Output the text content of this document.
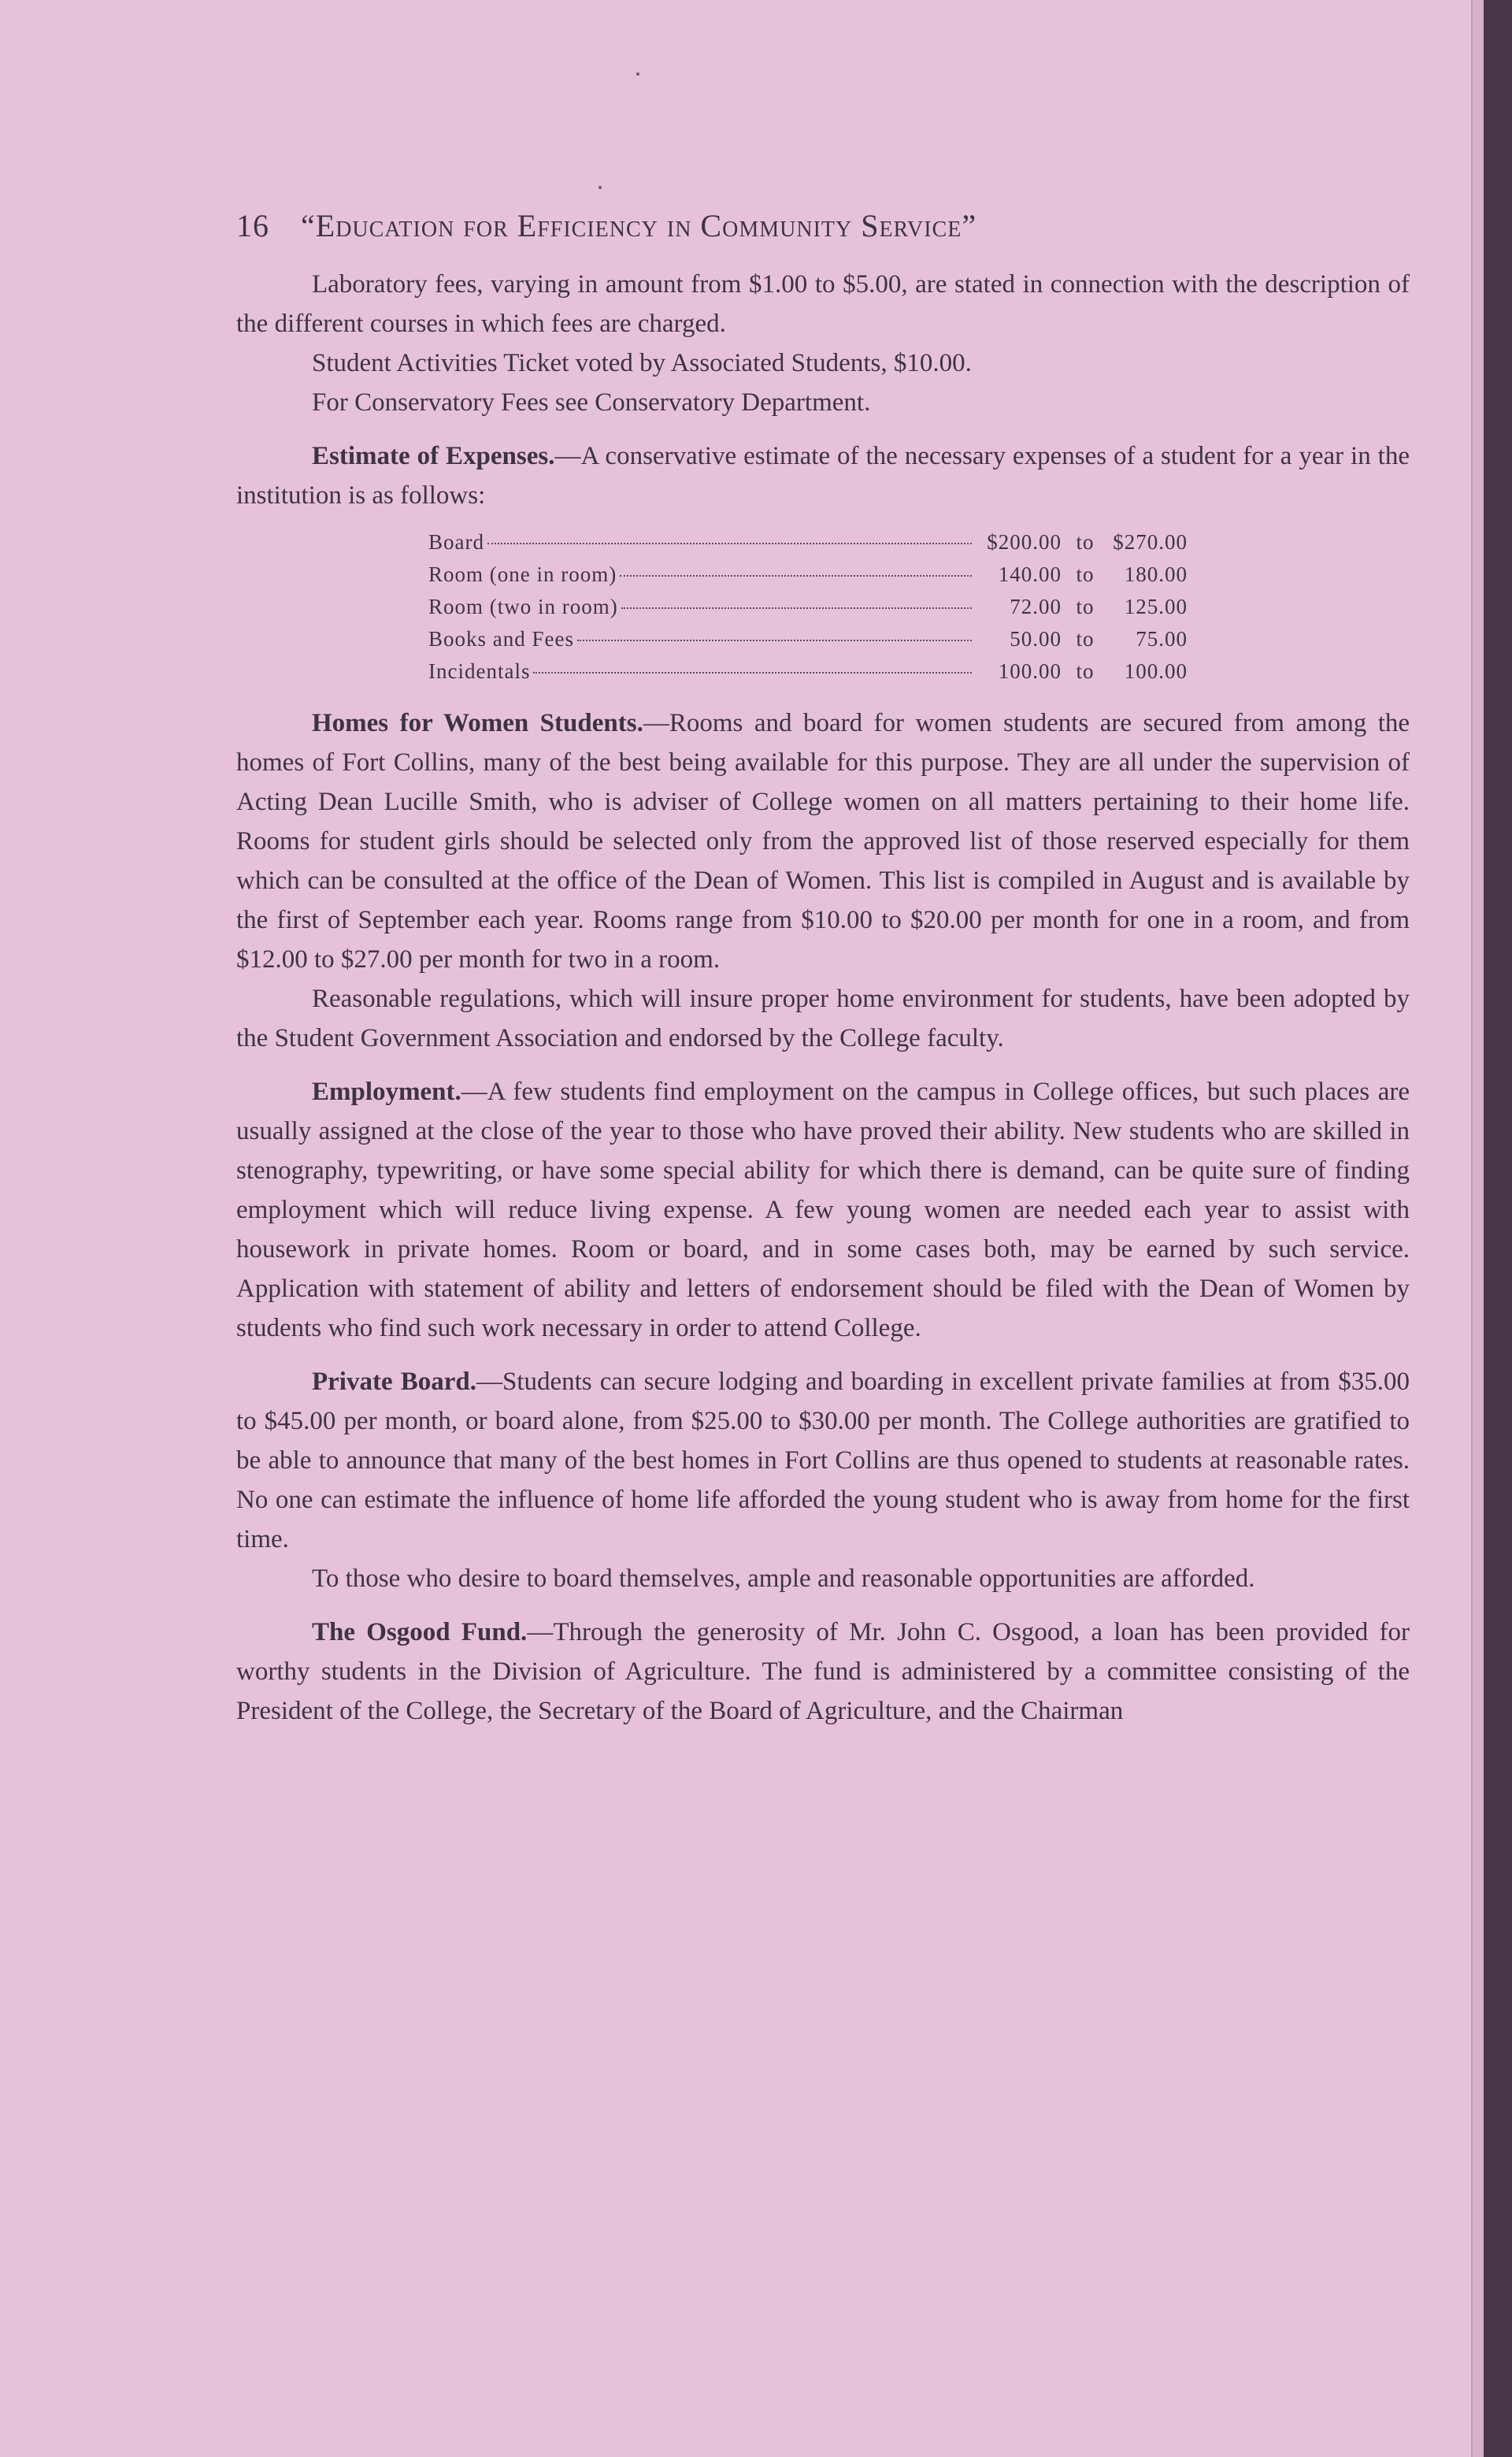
16 “Education for Efficiency in Community Service”

Laboratory fees, varying in amount from $1.00 to $5.00, are stated in connection with the description of the different courses in which fees are charged.

Student Activities Ticket voted by Associated Students, $10.00.

For Conservatory Fees see Conservatory Department.

Estimate of Expenses.—A conservative estimate of the necessary expenses of a student for a year in the institution is as follows:

Board	$200.00	to	$270.00

Room (one in room)	140.00	to	180.00

Room (two in room)	72.00	to	125.00

Books and Fees	50.00	to	75.00

Incidentals	100.00	to	100.00

Homes for Women Students.—Rooms and board for women students are secured from among the homes of Fort Collins, many of the best being available for this purpose. They are all under the supervision of Acting Dean Lucille Smith, who is adviser of College women on all matters pertaining to their home life. Rooms for student girls should be selected only from the approved list of those reserved especially for them which can be consulted at the office of the Dean of Women. This list is compiled in August and is available by the first of September each year. Rooms range from $10.00 to $20.00 per month for one in a room, and from $12.00 to $27.00 per month for two in a room.

Reasonable regulations, which will insure proper home environment for students, have been adopted by the Student Government Association and endorsed by the College faculty.

Employment.—A few students find employment on the campus in College offices, but such places are usually assigned at the close of the year to those who have proved their ability. New students who are skilled in stenography, typewriting, or have some special ability for which there is demand, can be quite sure of finding employment which will reduce living expense. A few young women are needed each year to assist with housework in private homes. Room or board, and in some cases both, may be earned by such service. Application with statement of ability and letters of endorsement should be filed with the Dean of Women by students who find such work necessary in order to attend College.

Private Board.—Students can secure lodging and boarding in excellent private families at from $35.00 to $45.00 per month, or board alone, from $25.00 to $30.00 per month. The College authorities are gratified to be able to announce that many of the best homes in Fort Collins are thus opened to students at reasonable rates. No one can estimate the influence of home life afforded the young student who is away from home for the first time.

To those who desire to board themselves, ample and reasonable opportunities are afforded.

The Osgood Fund.—Through the generosity of Mr. John C. Osgood, a loan has been provided for worthy students in the Division of Agriculture. The fund is administered by a committee consisting of the President of the College, the Secretary of the Board of Agriculture, and the Chairman
